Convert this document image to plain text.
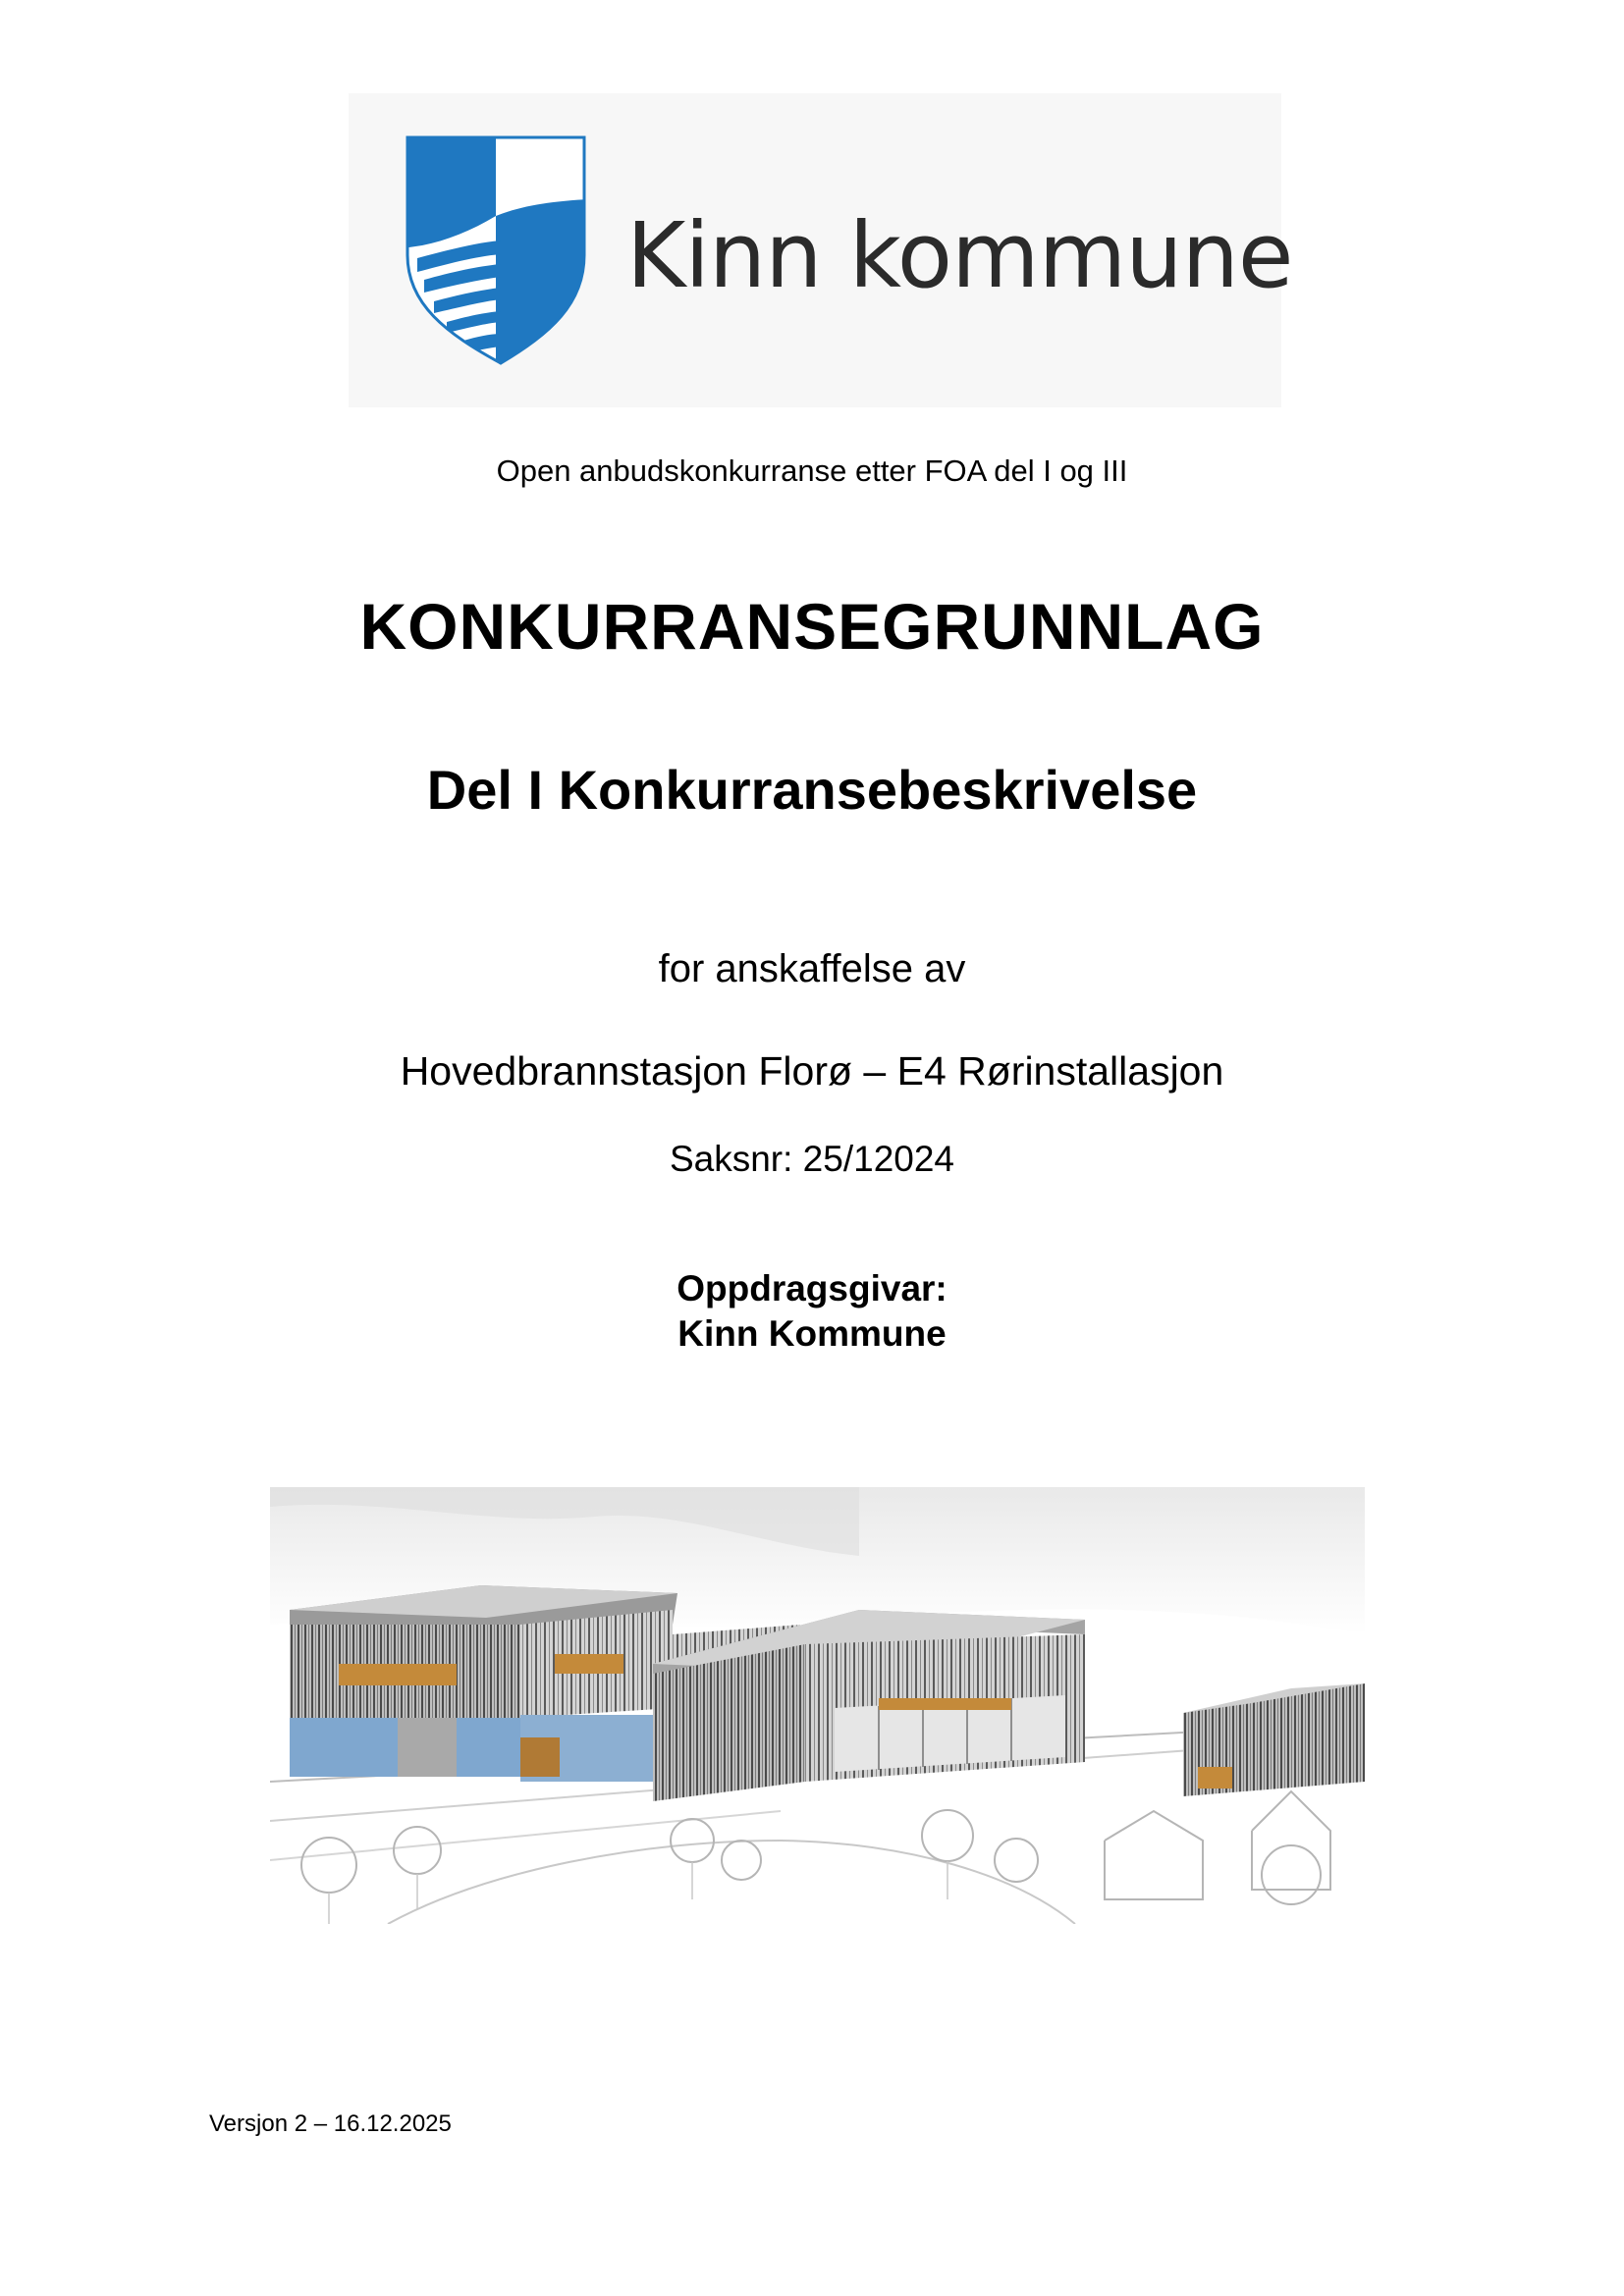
Kinn kommune
Open anbudskonkurranse etter FOA del I og III
KONKURRANSEGRUNNLAG
Del I Konkurransebeskrivelse
for anskaffelse av
Hovedbrannstasjon Florø – E4 Rørinstallasjon
Saksnr: 25/12024
Oppdragsgivar:
Kinn Kommune
Versjon 2 – 16.12.2025
